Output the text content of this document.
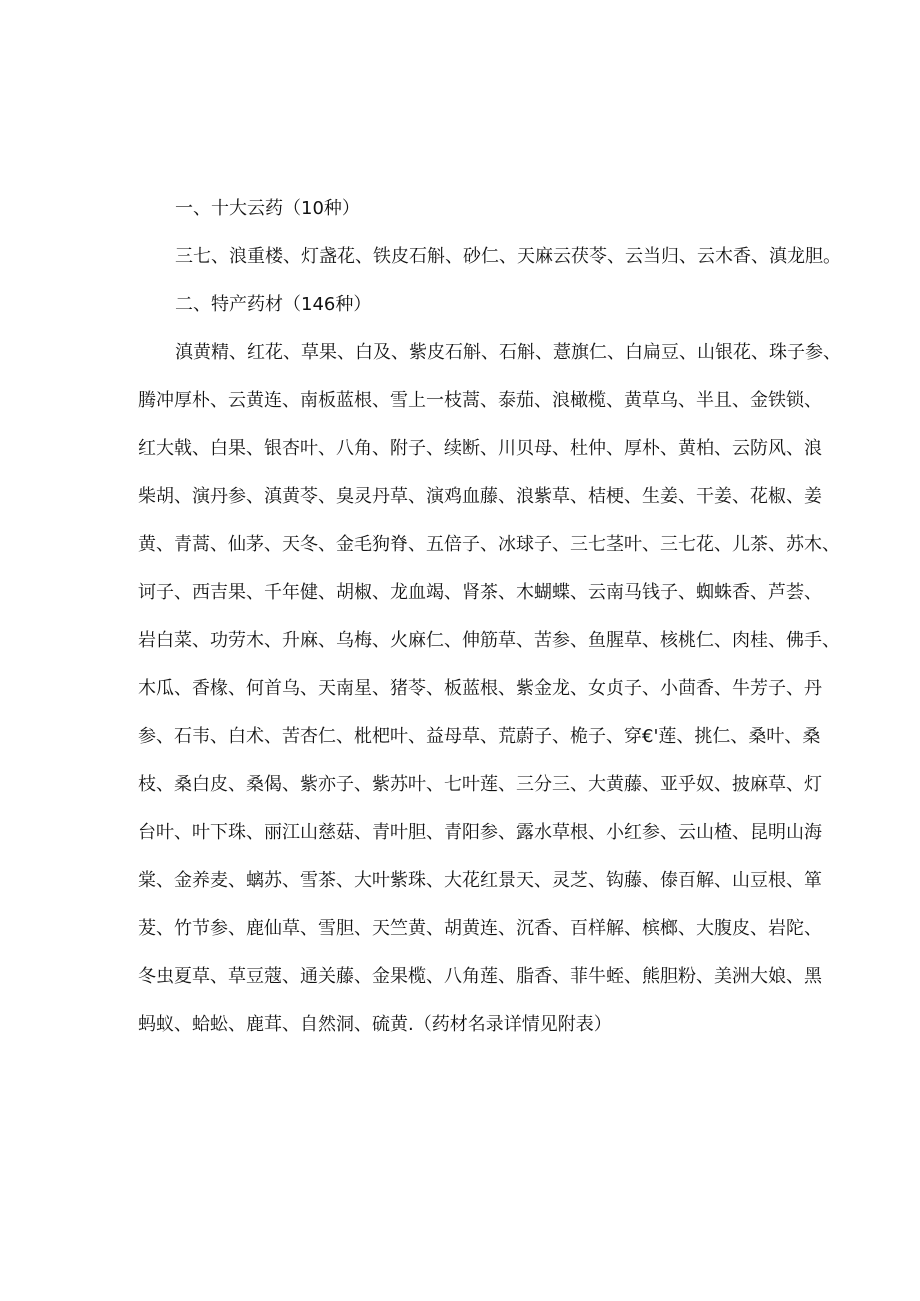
一、十大云药（10种）
三七、浪重楼、灯盏花、铁皮石斛、砂仁、天麻云茯苓、云当归、云木香、滇龙胆。
二、特产药材（146种）
滇黄精、红花、草果、白及、紫皮石斛、石斛、薏旗仁、白扁豆、山银花、珠子参、
腾冲厚朴、云黄连、南板蓝根、雪上一枝蒿、泰茄、浪橄榄、黄草乌、半且、金铁锁、
红大戟、白果、银杏叶、八角、附子、续断、川贝母、杜仲、厚朴、黄柏、云防风、浪
柴胡、演丹参、滇黄苓、臭灵丹草、演鸡血藤、浪紫草、桔梗、生姜、干姜、花椒、姜
黄、青蒿、仙茅、天冬、金毛狗脊、五倍子、冰球子、三七茎叶、三七花、儿茶、苏木、
诃子、西吉果、千年健、胡椒、龙血竭、肾茶、木蝴蝶、云南马钱子、蜘蛛香、芦荟、
岩白菜、功劳木、升麻、乌梅、火麻仁、伸筋草、苦参、鱼腥草、核桃仁、肉桂、佛手、
木瓜、香椽、何首乌、天南星、猪苓、板蓝根、紫金龙、女贞子、小茴香、牛芳子、丹
参、石韦、白术、苦杏仁、枇杷叶、益母草、荒蔚子、桅子、穿€'莲、挑仁、桑叶、桑
枝、桑白皮、桑偈、紫亦子、紫苏叶、七叶莲、三分三、大黄藤、亚乎奴、披麻草、灯
台叶、叶下珠、丽江山慈菇、青叶胆、青阳参、露水草根、小红参、云山楂、昆明山海
棠、金养麦、螭苏、雪茶、大叶紫珠、大花红景天、灵芝、钩藤、傣百解、山豆根、箪
茇、竹节参、鹿仙草、雪胆、天竺黄、胡黄连、沉香、百样解、槟榔、大腹皮、岩陀、
冬虫夏草、草豆蔻、通关藤、金果榄、八角莲、脂香、菲牛蛭、熊胆粉、美洲大娘、黑
蚂蚁、蛤蚣、鹿茸、自然洞、硫黄.（药材名录详情见附表）
